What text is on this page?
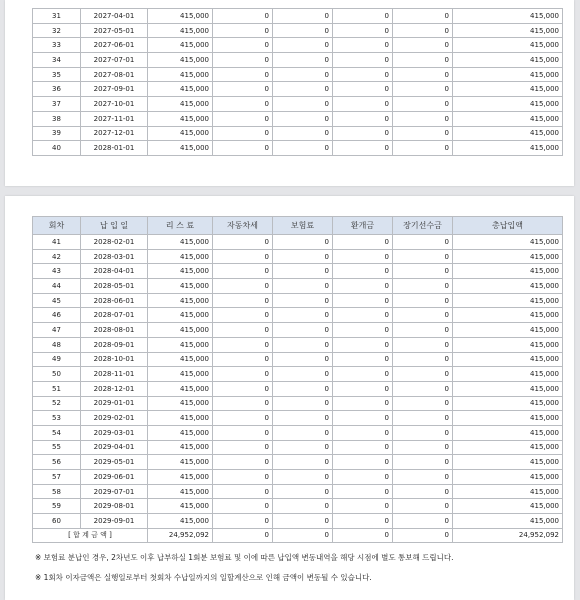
31	2027-04-01	415,000	0	0	0	0	415,000
32	2027-05-01	415,000	0	0	0	0	415,000
33	2027-06-01	415,000	0	0	0	0	415,000
34	2027-07-01	415,000	0	0	0	0	415,000
35	2027-08-01	415,000	0	0	0	0	415,000
36	2027-09-01	415,000	0	0	0	0	415,000
37	2027-10-01	415,000	0	0	0	0	415,000
38	2027-11-01	415,000	0	0	0	0	415,000
39	2027-12-01	415,000	0	0	0	0	415,000
40	2028-01-01	415,000	0	0	0	0	415,000
회차	납 입 일	리 스 료	자동차세	보험료	환개금	장기선수금	총납입액
41	2028-02-01	415,000	0	0	0	0	415,000
42	2028-03-01	415,000	0	0	0	0	415,000
43	2028-04-01	415,000	0	0	0	0	415,000
44	2028-05-01	415,000	0	0	0	0	415,000
45	2028-06-01	415,000	0	0	0	0	415,000
46	2028-07-01	415,000	0	0	0	0	415,000
47	2028-08-01	415,000	0	0	0	0	415,000
48	2028-09-01	415,000	0	0	0	0	415,000
49	2028-10-01	415,000	0	0	0	0	415,000
50	2028-11-01	415,000	0	0	0	0	415,000
51	2028-12-01	415,000	0	0	0	0	415,000
52	2029-01-01	415,000	0	0	0	0	415,000
53	2029-02-01	415,000	0	0	0	0	415,000
54	2029-03-01	415,000	0	0	0	0	415,000
55	2029-04-01	415,000	0	0	0	0	415,000
56	2029-05-01	415,000	0	0	0	0	415,000
57	2029-06-01	415,000	0	0	0	0	415,000
58	2029-07-01	415,000	0	0	0	0	415,000
59	2029-08-01	415,000	0	0	0	0	415,000
60	2029-09-01	415,000	0	0	0	0	415,000
[ 합 계 금 액 ]		24,952,092	0	0	0	0	24,952,092
※ 보험료 분납인 경우, 2차년도 이후 납부하실 1회분 보험료 및 이에 따른 납입액 변동내역을 해당 시점에 별도 통보해 드립니다.
※ 1회차 이자금액은 실행일로부터 첫회차 수납일까지의 일할계산으로 인해 금액이 변동될 수 있습니다.
